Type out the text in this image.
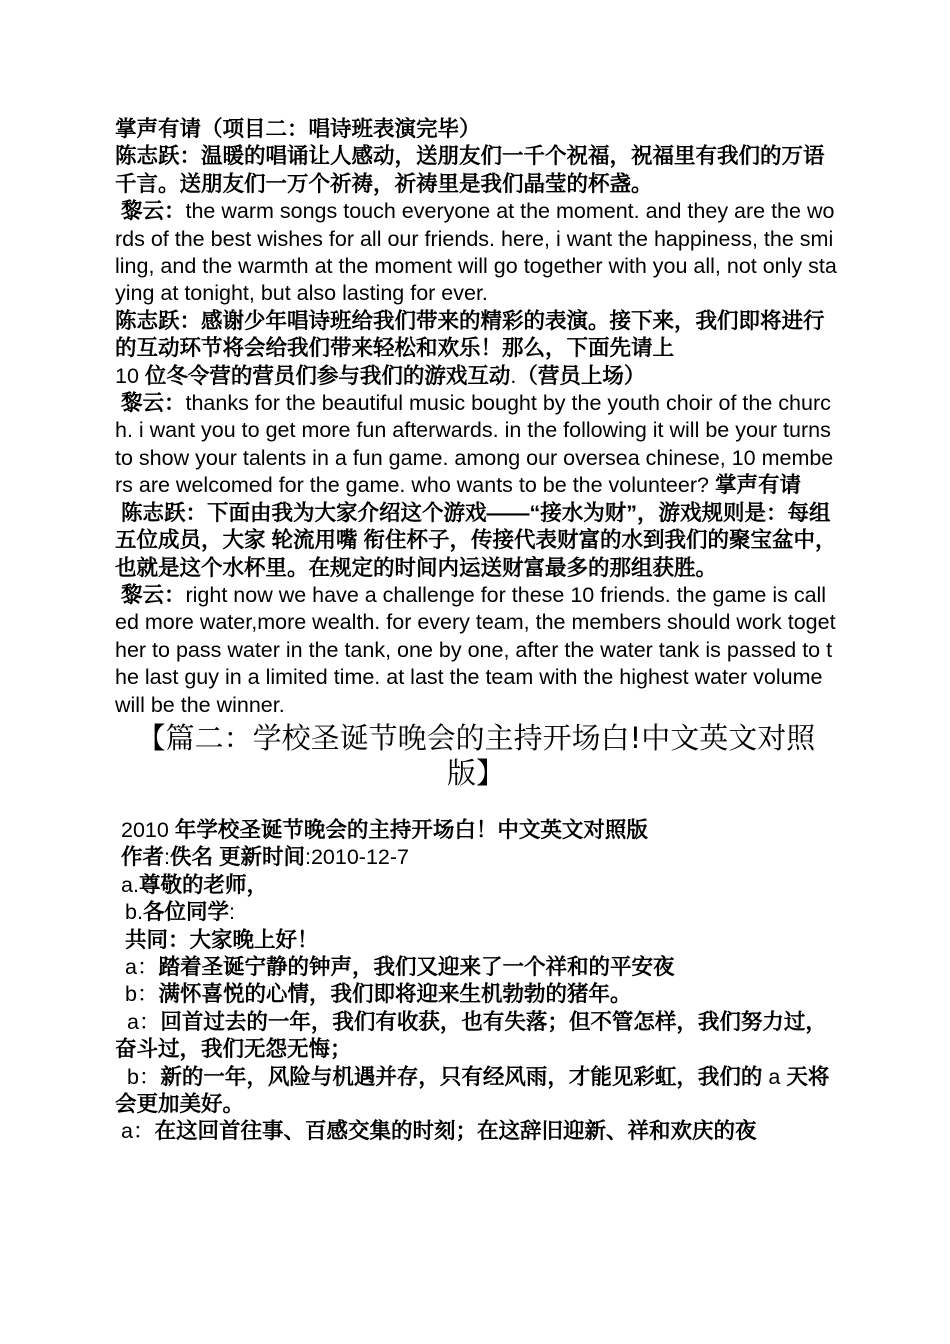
掌声有请（项目二：唱诗班表演完毕）

陈志跃：温暖的唱诵让人感动，送朋友们一千个祝福，祝福里有我们的万语千言。送朋友们一万个祈祷，祈祷里是我们晶莹的杯盏。

黎云：the warm songs touch everyone at the moment. and they are the words of the best wishes for all our friends. here, i want the happiness, the smiling, and the warmth at the moment will go together with you all, not only staying at tonight, but also lasting for ever.

陈志跃：感谢少年唱诗班给我们带来的精彩的表演。接下来，我们即将进行的互动环节将会给我们带来轻松和欢乐！那么，下面先请上
10 位冬令营的营员们参与我们的游戏互动.（营员上场）

黎云：thanks for the beautiful music bought by the youth choir of the church. i want you to get more fun afterwards. in the following it will be your turns to show your talents in a fun game. among our oversea chinese, 10 members are welcomed for the game. who wants to be the volunteer? 掌声有请

陈志跃：下面由我为大家介绍这个游戏——“接水为财”，游戏规则是：每组五位成员，大家 轮流用嘴 衔住杯子，传接代表财富的水到我们的聚宝盆中，也就是这个水杯里。在规定的时间内运送财富最多的那组获胜。

黎云：right now we have a challenge for these 10 friends. the game is called more water,more wealth. for every team, the members should work together to pass water in the tank, one by one, after the water tank is passed to the last guy in a limited time. at last the team with the highest water volume will be the winner.

【篇二：学校圣诞节晚会的主持开场白!中文英文对照版】

2010 年学校圣诞节晚会的主持开场白！中文英文对照版

作者:佚名 更新时间:2010-12-7

a.尊敬的老师，

b.各位同学:

共同：大家晚上好！

a：踏着圣诞宁静的钟声，我们又迎来了一个祥和的平安夜

b：满怀喜悦的心情，我们即将迎来生机勃勃的猪年。

a：回首过去的一年，我们有收获，也有失落；但不管怎样，我们努力过，奋斗过，我们无怨无悔；

b：新的一年，风险与机遇并存，只有经风雨，才能见彩虹，我们的 a 天将会更加美好。

a：在这回首往事、百感交集的时刻；在这辞旧迎新、祥和欢庆的夜
